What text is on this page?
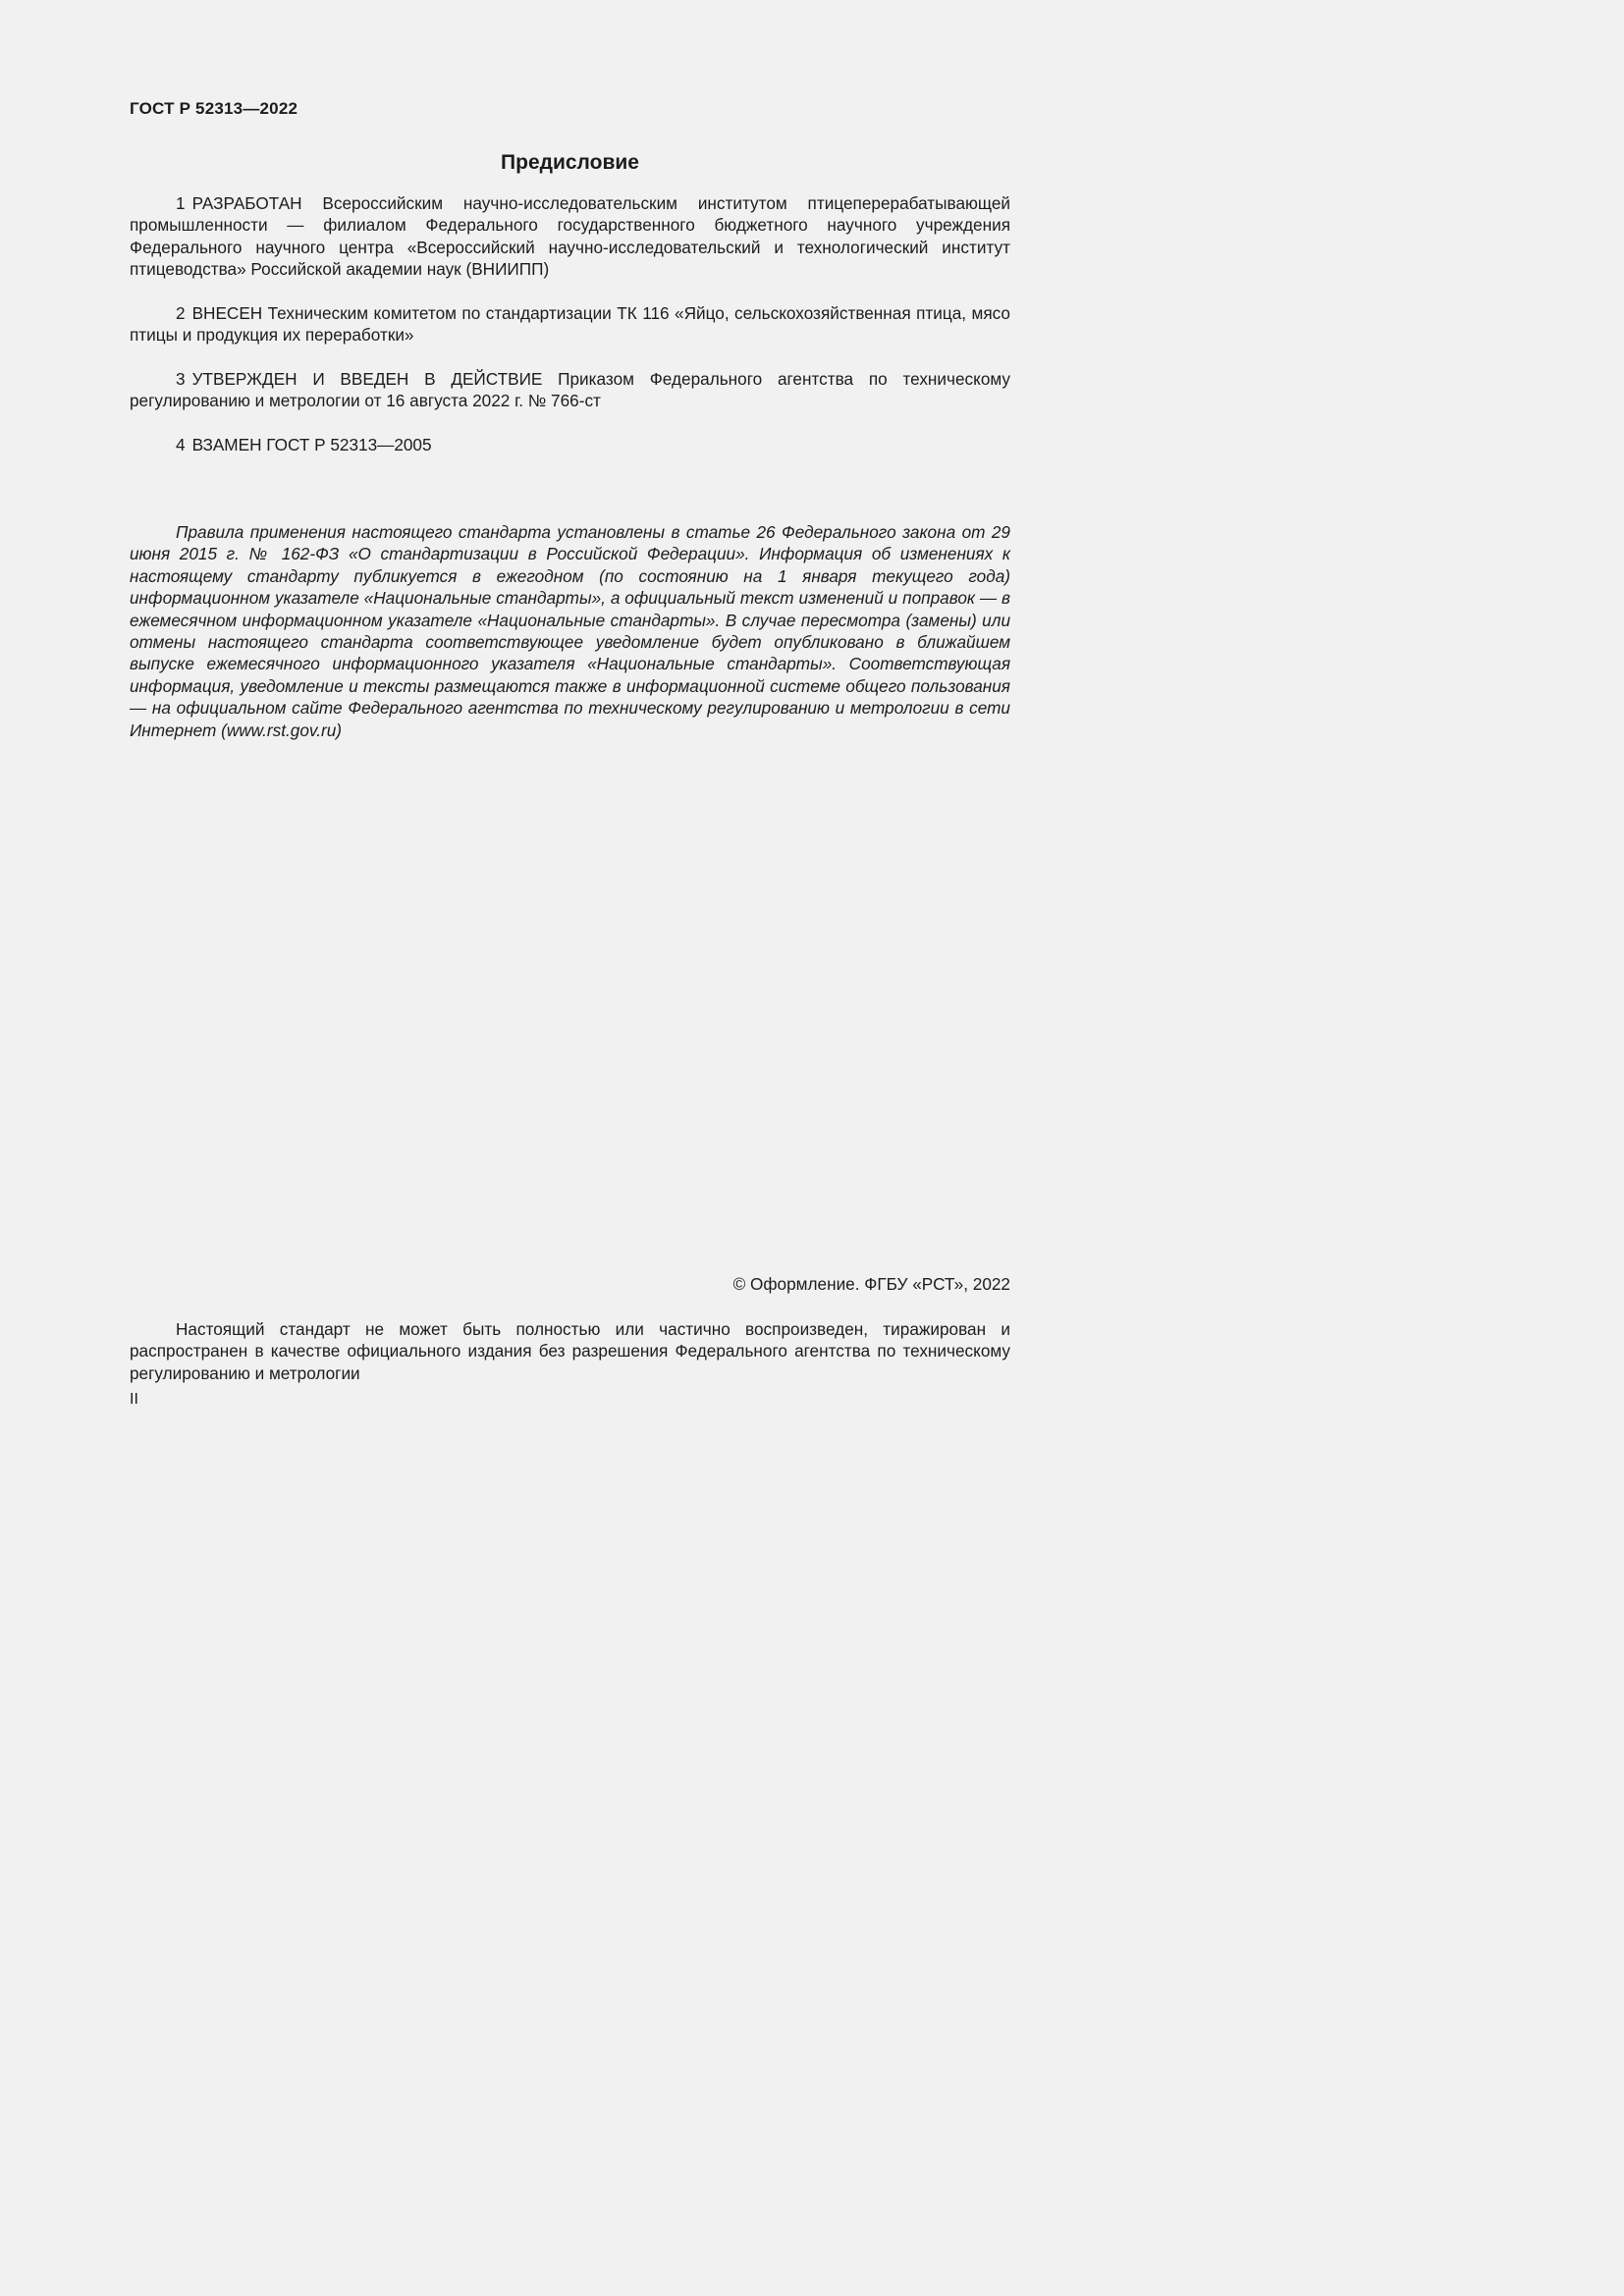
ГОСТ Р 52313—2022
Предисловие
1 РАЗРАБОТАН Всероссийским научно-исследовательским институтом птицеперерабатывающей промышленности — филиалом Федерального государственного бюджетного научного учреждения Федерального научного центра «Всероссийский научно-исследовательский и технологический институт птицеводства» Российской академии наук (ВНИИПП)
2 ВНЕСЕН Техническим комитетом по стандартизации ТК 116 «Яйцо, сельскохозяйственная птица, мясо птицы и продукция их переработки»
3 УТВЕРЖДЕН И ВВЕДЕН В ДЕЙСТВИЕ Приказом Федерального агентства по техническому регулированию и метрологии от 16 августа 2022 г. № 766-ст
4 ВЗАМЕН ГОСТ Р 52313—2005
Правила применения настоящего стандарта установлены в статье 26 Федерального закона от 29 июня 2015 г. № 162-ФЗ «О стандартизации в Российской Федерации». Информация об изменениях к настоящему стандарту публикуется в ежегодном (по состоянию на 1 января текущего года) информационном указателе «Национальные стандарты», а официальный текст изменений и поправок — в ежемесячном информационном указателе «Национальные стандарты». В случае пересмотра (замены) или отмены настоящего стандарта соответствующее уведомление будет опубликовано в ближайшем выпуске ежемесячного информационного указателя «Национальные стандарты». Соответствующая информация, уведомление и тексты размещаются также в информационной системе общего пользования — на официальном сайте Федерального агентства по техническому регулированию и метрологии в сети Интернет (www.rst.gov.ru)
© Оформление. ФГБУ «РСТ», 2022
Настоящий стандарт не может быть полностью или частично воспроизведен, тиражирован и распространен в качестве официального издания без разрешения Федерального агентства по техническому регулированию и метрологии
II
